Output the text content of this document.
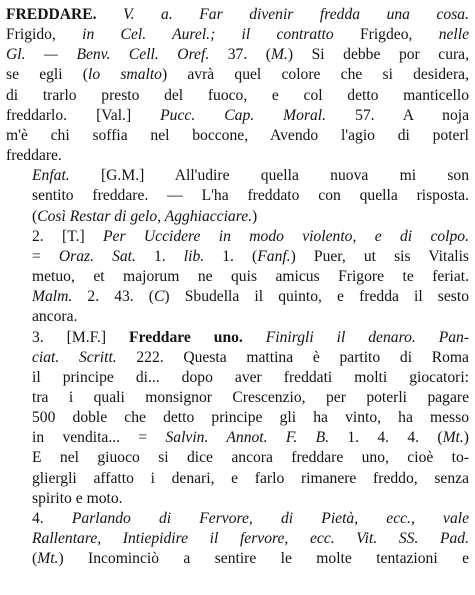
FREDDARE. V. a. Far divenir fredda una cosa.
Frigido, in Cel. Aurel.; il contratto Frigdeo, nelle
Gl. — Benv. Cell. Oref. 37. (M.) Si debbe por cura,
se egli (lo smalto) avrà quel colore che si desidera,
di trarlo presto del fuoco, e col detto manticello
freddarlo. [Val.] Pucc. Cap. Moral. 57. A noja
m'è chi soffia nel boccone, Avendo l'agio di poterl
freddare.

Enfat. [G.M.] All'udire quella nuova mi son
sentito freddare. — L'ha freddato con quella risposta.
(Così Restar di gelo, Agghiacciare.)

2. [T.] Per Uccidere in modo violento, e di colpo.
= Oraz. Sat. 1. lib. 1. (Fanf.) Puer, ut sis Vitalis
metuo, et majorum ne quis amicus Frigore te feriat.
Malm. 2. 43. (C) Sbudella il quinto, e fredda il sesto
ancora.

3. [M.F.] Freddare uno. Finirgli il denaro. Pan-
ciat. Scritt. 222. Questa mattina è partito di Roma
il principe di... dopo aver freddati molti giocatori:
tra i quali monsignor Crescenzio, per poterli pagare
500 doble che detto principe gli ha vinto, ha messo
in vendita... = Salvin. Annot. F. B. 1. 4. 4. (Mt.)
E nel giuoco si dice ancora freddare uno, cioè to-
gliergli affatto i denari, e farlo rimanere freddo, senza
spirito e moto.

4. Parlando di Fervore, di Pietà, ecc., vale
Rallentare, Intiepidire il fervore, ecc. Vit. SS. Pad.
(Mt.) Incominciò a sentire le molte tentazioni e
